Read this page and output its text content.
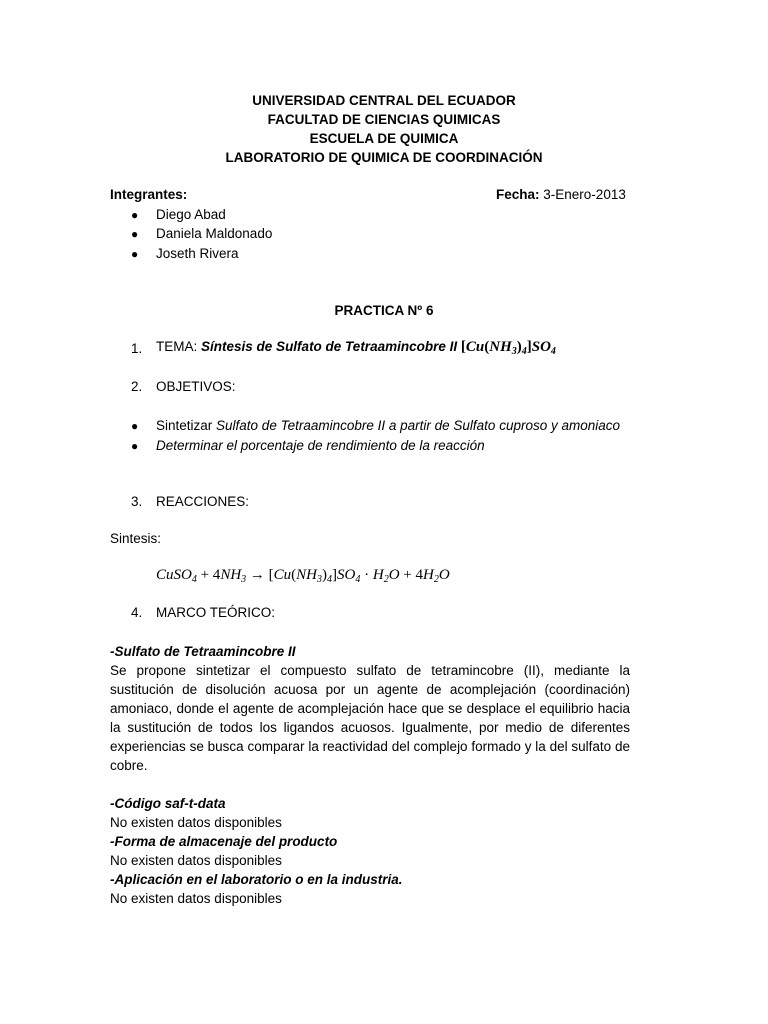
UNIVERSIDAD CENTRAL DEL ECUADOR
FACULTAD DE CIENCIAS QUIMICAS
ESCUELA DE QUIMICA
LABORATORIO DE QUIMICA DE COORDINACIÓN
Integrantes:	Fecha: 3-Enero-2013
● Diego Abad
● Daniela Maldonado
● Joseth Rivera
PRACTICA Nº 6
1. TEMA: Síntesis de Sulfato de Tetraamincobre II $[Cu(NH_3)_4]SO_4$
2. OBJETIVOS:
● Sintetizar Sulfato de Tetraamincobre II a partir de Sulfato cuproso y amoniaco
● Determinar el porcentaje de rendimiento de la reacción
3. REACCIONES:
Sintesis:
CuSO$_4$ + $4NH_3 \to [Cu(NH_3)_4]SO_4 \cdot H_2O + 4H_2O$
4. MARCO TEÓRICO:
-Sulfato de Tetraamincobre II
Se propone sintetizar el compuesto sulfato de tetramincobre (II), mediante la
sustitución de disolución acuosa por un agente de acomplejación (coordinación)
amoniaco, donde el agente de acomplejación hace que se desplace el equilibrio hacia
la sustitución de todos los ligandos acuosos. Igualmente, por medio de diferentes
experiencias se busca comparar la reactividad del complejo formado y la del sulfato de
cobre.
-Código saf-t-data
No existen datos disponibles
-Forma de almacenaje del producto
No existen datos disponibles
-Aplicación en el laboratorio o en la industria.
No existen datos disponibles
